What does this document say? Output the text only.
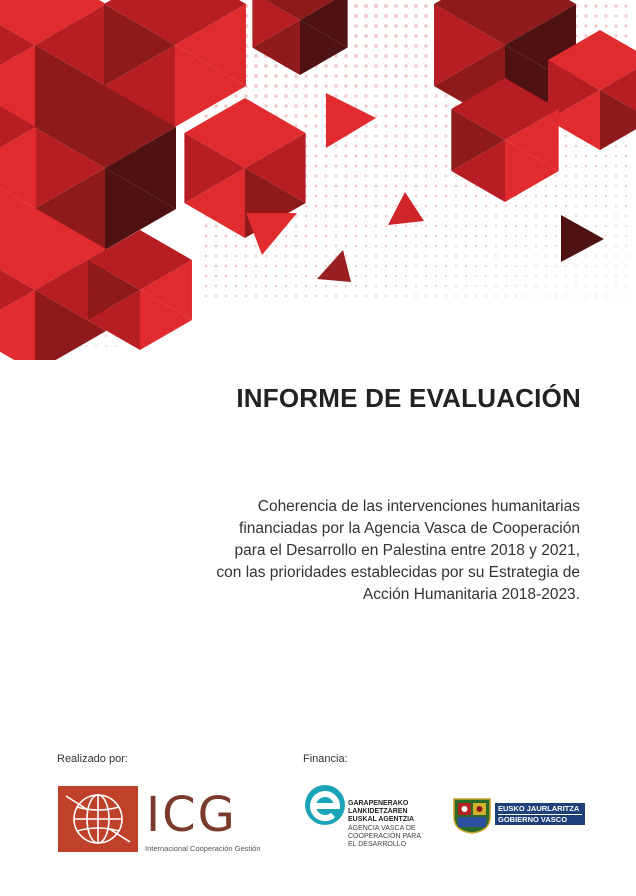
INFORME DE EVALUACIÓN
Coherencia de las intervenciones humanitarias
financiadas por la Agencia Vasca de Cooperación
para el Desarrollo en Palestina entre 2018 y 2021,
con las prioridades establecidas por su Estrategia de
Acción Humanitaria 2018-2023.
Realizado por:	Financia:
ICG
Internacional Cooperación Gestión
GARAPENERAKO
LANKIDETZAREN
EUSKAL AGENTZIA
AGENCIA VASCA DE
COOPERACIÓN PARA
EL DESARROLLO
EUSKO JAURLARITZA
GOBIERNO VASCO
